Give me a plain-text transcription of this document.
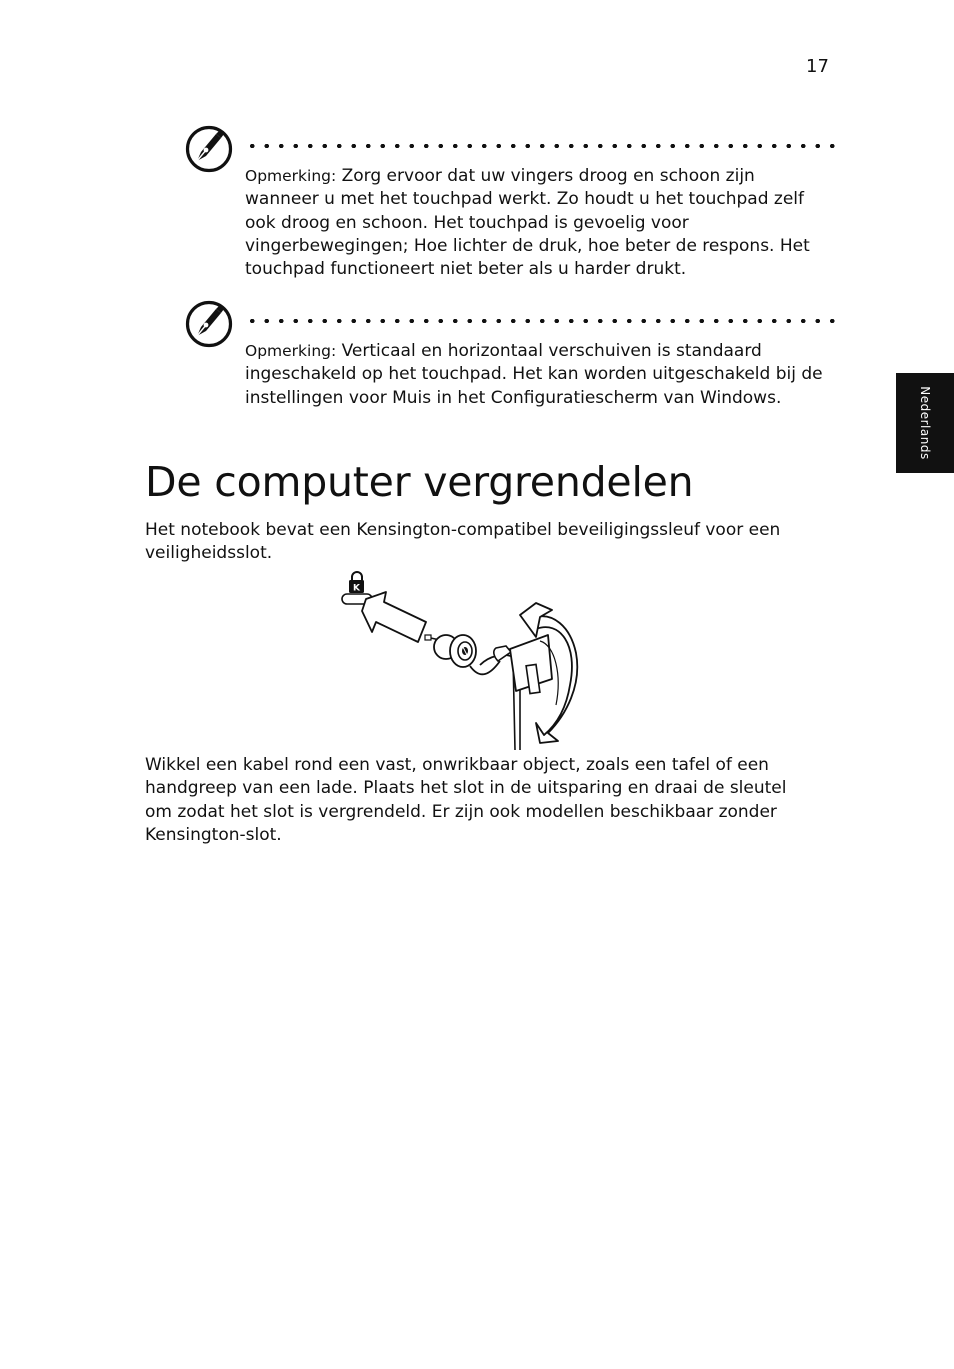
17
Nederlands
Opmerking: Zorg ervoor dat uw vingers droog en schoon zijn wanneer u met het touchpad werkt. Zo houdt u het touchpad zelf ook droog en schoon. Het touchpad is gevoelig voor vingerbewegingen; Hoe lichter de druk, hoe beter de respons. Het touchpad functioneert niet beter als u harder drukt.
Opmerking: Verticaal en horizontaal verschuiven is standaard ingeschakeld op het touchpad. Het kan worden uitgeschakeld bij de instellingen voor Muis in het Configuratiescherm van Windows.
De computer vergrendelen

Het notebook bevat een Kensington-compatibel beveiligingssleuf voor een veiligheidsslot.

K

Wikkel een kabel rond een vast, onwrikbaar object, zoals een tafel of een handgreep van een lade. Plaats het slot in de uitsparing en draai de sleutel om zodat het slot is vergrendeld. Er zijn ook modellen beschikbaar zonder Kensington-slot.
